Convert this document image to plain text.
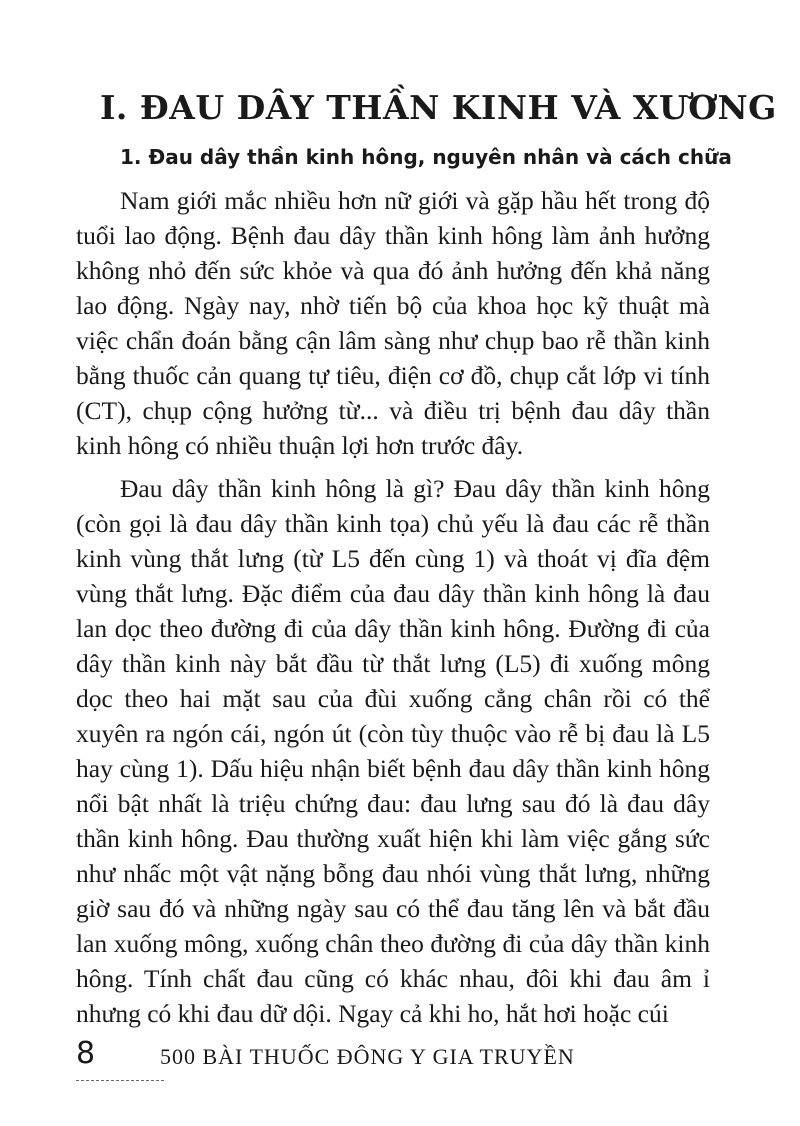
I. ĐAU DÂY THẦN KINH VÀ XƯƠNG
1. Đau dây thần kinh hông, nguyên nhân và cách chữa

Nam giới mắc nhiều hơn nữ giới và gặp hầu hết trong độ tuổi lao động. Bệnh đau dây thần kinh hông làm ảnh hưởng không nhỏ đến sức khỏe và qua đó ảnh hưởng đến khả năng lao động. Ngày nay, nhờ tiến bộ của khoa học kỹ thuật mà việc chẩn đoán bằng cận lâm sàng như chụp bao rễ thần kinh bằng thuốc cản quang tự tiêu, điện cơ đồ, chụp cắt lớp vi tính (CT), chụp cộng hưởng từ... và điều trị bệnh đau dây thần kinh hông có nhiều thuận lợi hơn trước đây.

Đau dây thần kinh hông là gì? Đau dây thần kinh hông (còn gọi là đau dây thần kinh tọa) chủ yếu là đau các rễ thần kinh vùng thắt lưng (từ L5 đến cùng 1) và thoát vị đĩa đệm vùng thắt lưng. Đặc điểm của đau dây thần kinh hông là đau lan dọc theo đường đi của dây thần kinh hông. Đường đi của dây thần kinh này bắt đầu từ thắt lưng (L5) đi xuống mông dọc theo hai mặt sau của đùi xuống cẳng chân rồi có thể xuyên ra ngón cái, ngón út (còn tùy thuộc vào rễ bị đau là L5 hay cùng 1). Dấu hiệu nhận biết bệnh đau dây thần kinh hông nổi bật nhất là triệu chứng đau: đau lưng sau đó là đau dây thần kinh hông. Đau thường xuất hiện khi làm việc gắng sức như nhấc một vật nặng bỗng đau nhói vùng thắt lưng, những giờ sau đó và những ngày sau có thể đau tăng lên và bắt đầu lan xuống mông, xuống chân theo đường đi của dây thần kinh hông. Tính chất đau cũng có khác nhau, đôi khi đau âm ỉ nhưng có khi đau dữ dội. Ngay cả khi ho, hắt hơi hoặc cúi

8	500 BÀI THUỐC ĐÔNG Y GIA TRUYỀN
